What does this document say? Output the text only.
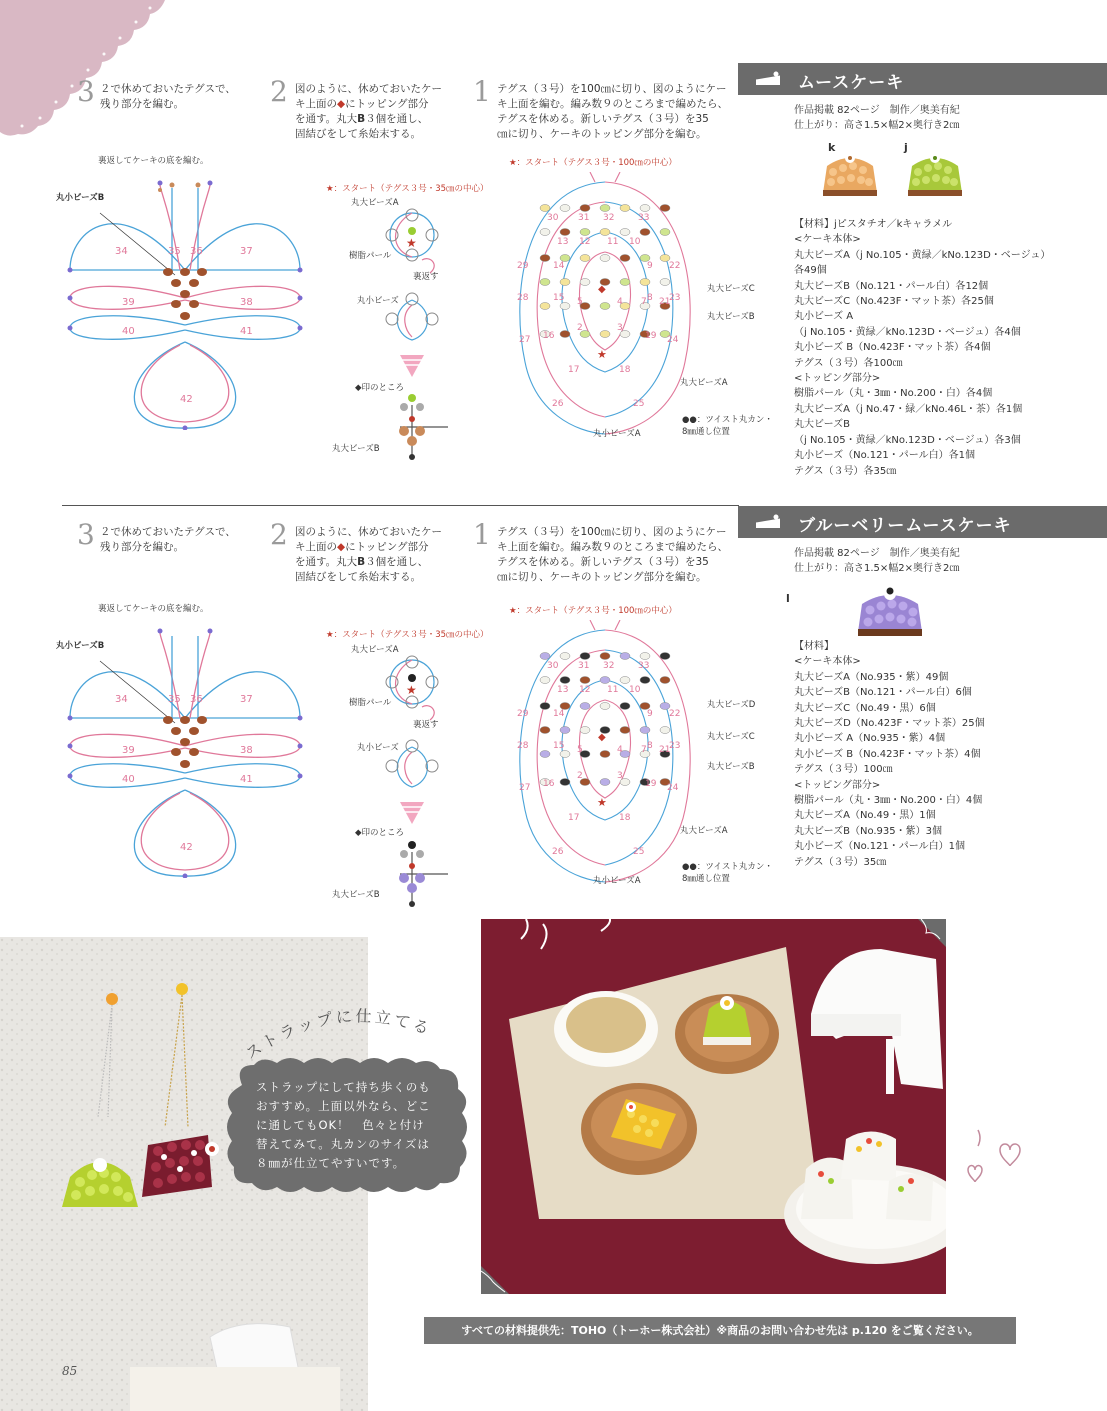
3 ２で休めておいたテグスで、
残り部分を編む。	2 図のように、休めておいたケー
キ上面の◆にトッピング部分
を通す。丸大B３個を通し、
固結びをして糸始末する。
1 テグス（３号）を100㎝に切り、図のようにケー
キ上面を編む。編み数９のところまで編めたら、
テグスを休める。新しいテグス（３号）を35
㎝に切り、ケーキのトッピング部分を編む。
裏返してケーキの底を編む。
丸小ビーズB
34	35 36	37
39	38
40	41
42
★：スタート（テグス３号・35㎝の中心）
丸大ビーズA
樹脂パール
裏返す
丸小ビーズ
◆印のところ
丸大ビーズB
★
★：スタート（テグス３号・100㎝の中心）
◆
★
30 31 32	33
13 12 11 10
29	14	9 22
28	15	8 23
5	4 7 21
2	3
27 16	19 24
17	18
26	25
丸大ビーズC
丸大ビーズB
丸大ビーズA
丸小ビーズA
●●：ツイスト丸カン・
8㎜通し位置
ムースケーキ
作品掲載 82ページ　制作／奥美有紀
仕上がり：高さ1.5×幅2×奥行き2㎝
k	j
【材料】jピスタチオ／kキャラメル
<ケーキ本体>
丸大ビーズA（j No.105・黄緑／kNo.123D・ベージュ）
各49個
丸大ビーズB（No.121・パール白）各12個
丸大ビーズC（No.423F・マット茶）各25個
丸小ビーズ A
（j No.105・黄緑／kNo.123D・ベージュ）各4個
丸小ビーズ B（No.423F・マット茶）各4個
テグス（３号）各100㎝
<トッピング部分>
樹脂パール（丸・3㎜・No.200・白）各4個
丸大ビーズA（j No.47・緑／kNo.46L・茶）各1個
丸大ビーズB
（j No.105・黄緑／kNo.123D・ベージュ）各3個
丸小ビーズ（No.121・パール白）各1個
テグス（３号）各35㎝
3 ２で休めておいたテグスで、
残り部分を編む。	2 図のように、休めておいたケー
キ上面の◆にトッピング部分
を通す。丸大B３個を通し、
固結びをして糸始末する。
1 テグス（３号）を100㎝に切り、図のようにケー
キ上面を編む。編み数９のところまで編めたら、
テグスを休める。新しいテグス（３号）を35
㎝に切り、ケーキのトッピング部分を編む。
裏返してケーキの底を編む。
丸小ビーズB
34	35 36	37
39	38
40	41
42
★：スタート（テグス３号・35㎝の中心）
丸大ビーズA
樹脂パール
裏返す
丸小ビーズ
◆印のところ
丸大ビーズB
★
★：スタート（テグス３号・100㎝の中心）
◆
★
30 31 32	33
13 12 11 10
29	14	9 22
28	15	8 23
5	4 7 21
2	3
27 16	19 24
17	18
26	25
丸大ビーズD
丸大ビーズC
丸大ビーズB
丸大ビーズA
丸小ビーズA
●●：ツイスト丸カン・
8㎜通し位置
ブルーベリームースケーキ
作品掲載 82ページ　制作／奥美有紀
仕上がり：高さ1.5×幅2×奥行き2㎝
l
【材料】
<ケーキ本体>
丸大ビーズA（No.935・紫）49個
丸大ビーズB（No.121・パール白）6個
丸大ビーズC（No.49・黒）6個
丸大ビーズD（No.423F・マット茶）25個
丸小ビーズ A（No.935・紫）4個
丸小ビーズ B（No.423F・マット茶）4個
テグス（３号）100㎝
<トッピング部分>
樹脂パール（丸・3㎜・No.200・白）4個
丸大ビーズA（No.49・黒）1個
丸大ビーズB（No.935・紫）3個
丸小ビーズ（No.121・パール白）1個
テグス（３号）35㎝
ストラップに仕立てる
ストラップにして持ち歩くのも
おすすめ。上面以外なら、どこ
に通してもOK！　色々と付け
替えてみて。丸カンのサイズは
８㎜が仕立てやすいです。
すべての材料提供先：TOHO（トーホー株式会社）※商品のお問い合わせ先は p.120 をご覧ください。
85
